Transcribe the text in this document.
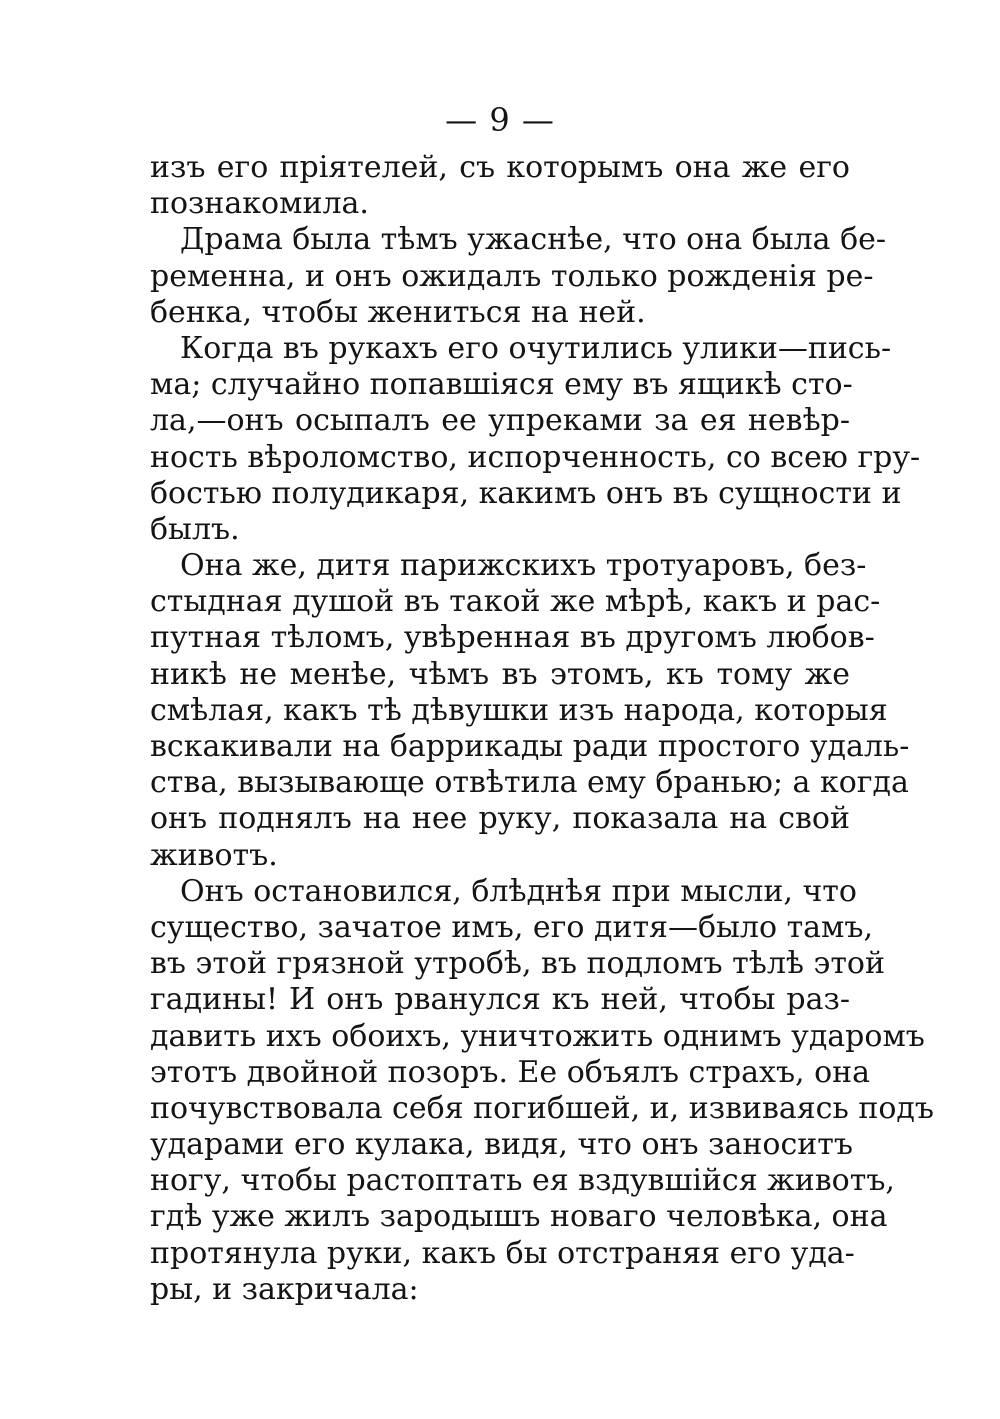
— 9 —
изъ его пріятелей, съ которымъ она же его
познакомила.
Драма была тѣмъ ужаснѣе, что она была бе-
ременна, и онъ ожидалъ только рожденія ре-
бенка, чтобы жениться на ней.
Когда въ рукахъ его очутились улики—пись-
ма; случайно попавшіяся ему въ ящикѣ сто-
ла,—онъ осыпалъ ее упреками за ея невѣр-
ность вѣроломство, испорченность, со всею гру-
бостью полудикаря, какимъ онъ въ сущности и
былъ.
Она же, дитя парижскихъ тротуаровъ, без-
стыдная душой въ такой же мѣрѣ, какъ и рас-
путная тѣломъ, увѣренная въ другомъ любов-
никѣ не менѣе, чѣмъ въ этомъ, къ тому же
смѣлая, какъ тѣ дѣвушки изъ народа, которыя
вскакивали на баррикады ради простого удаль-
ства, вызывающе отвѣтила ему бранью; а когда
онъ поднялъ на нее руку, показала на свой
животъ.
Онъ остановился, блѣднѣя при мысли, что
существо, зачатое имъ, его дитя—было тамъ,
въ этой грязной утробѣ, въ подломъ тѣлѣ этой
гадины! И онъ рванулся къ ней, чтобы раз-
давить ихъ обоихъ, уничтожить однимъ ударомъ
этотъ двойной позоръ. Ее объялъ страхъ, она
почувствовала себя погибшей, и, извиваясь подъ
ударами его кулака, видя, что онъ заноситъ
ногу, чтобы растоптать ея вздувшійся животъ,
гдѣ уже жилъ зародышъ новаго человѣка, она
протянула руки, какъ бы отстраняя его уда-
ры, и закричала:
